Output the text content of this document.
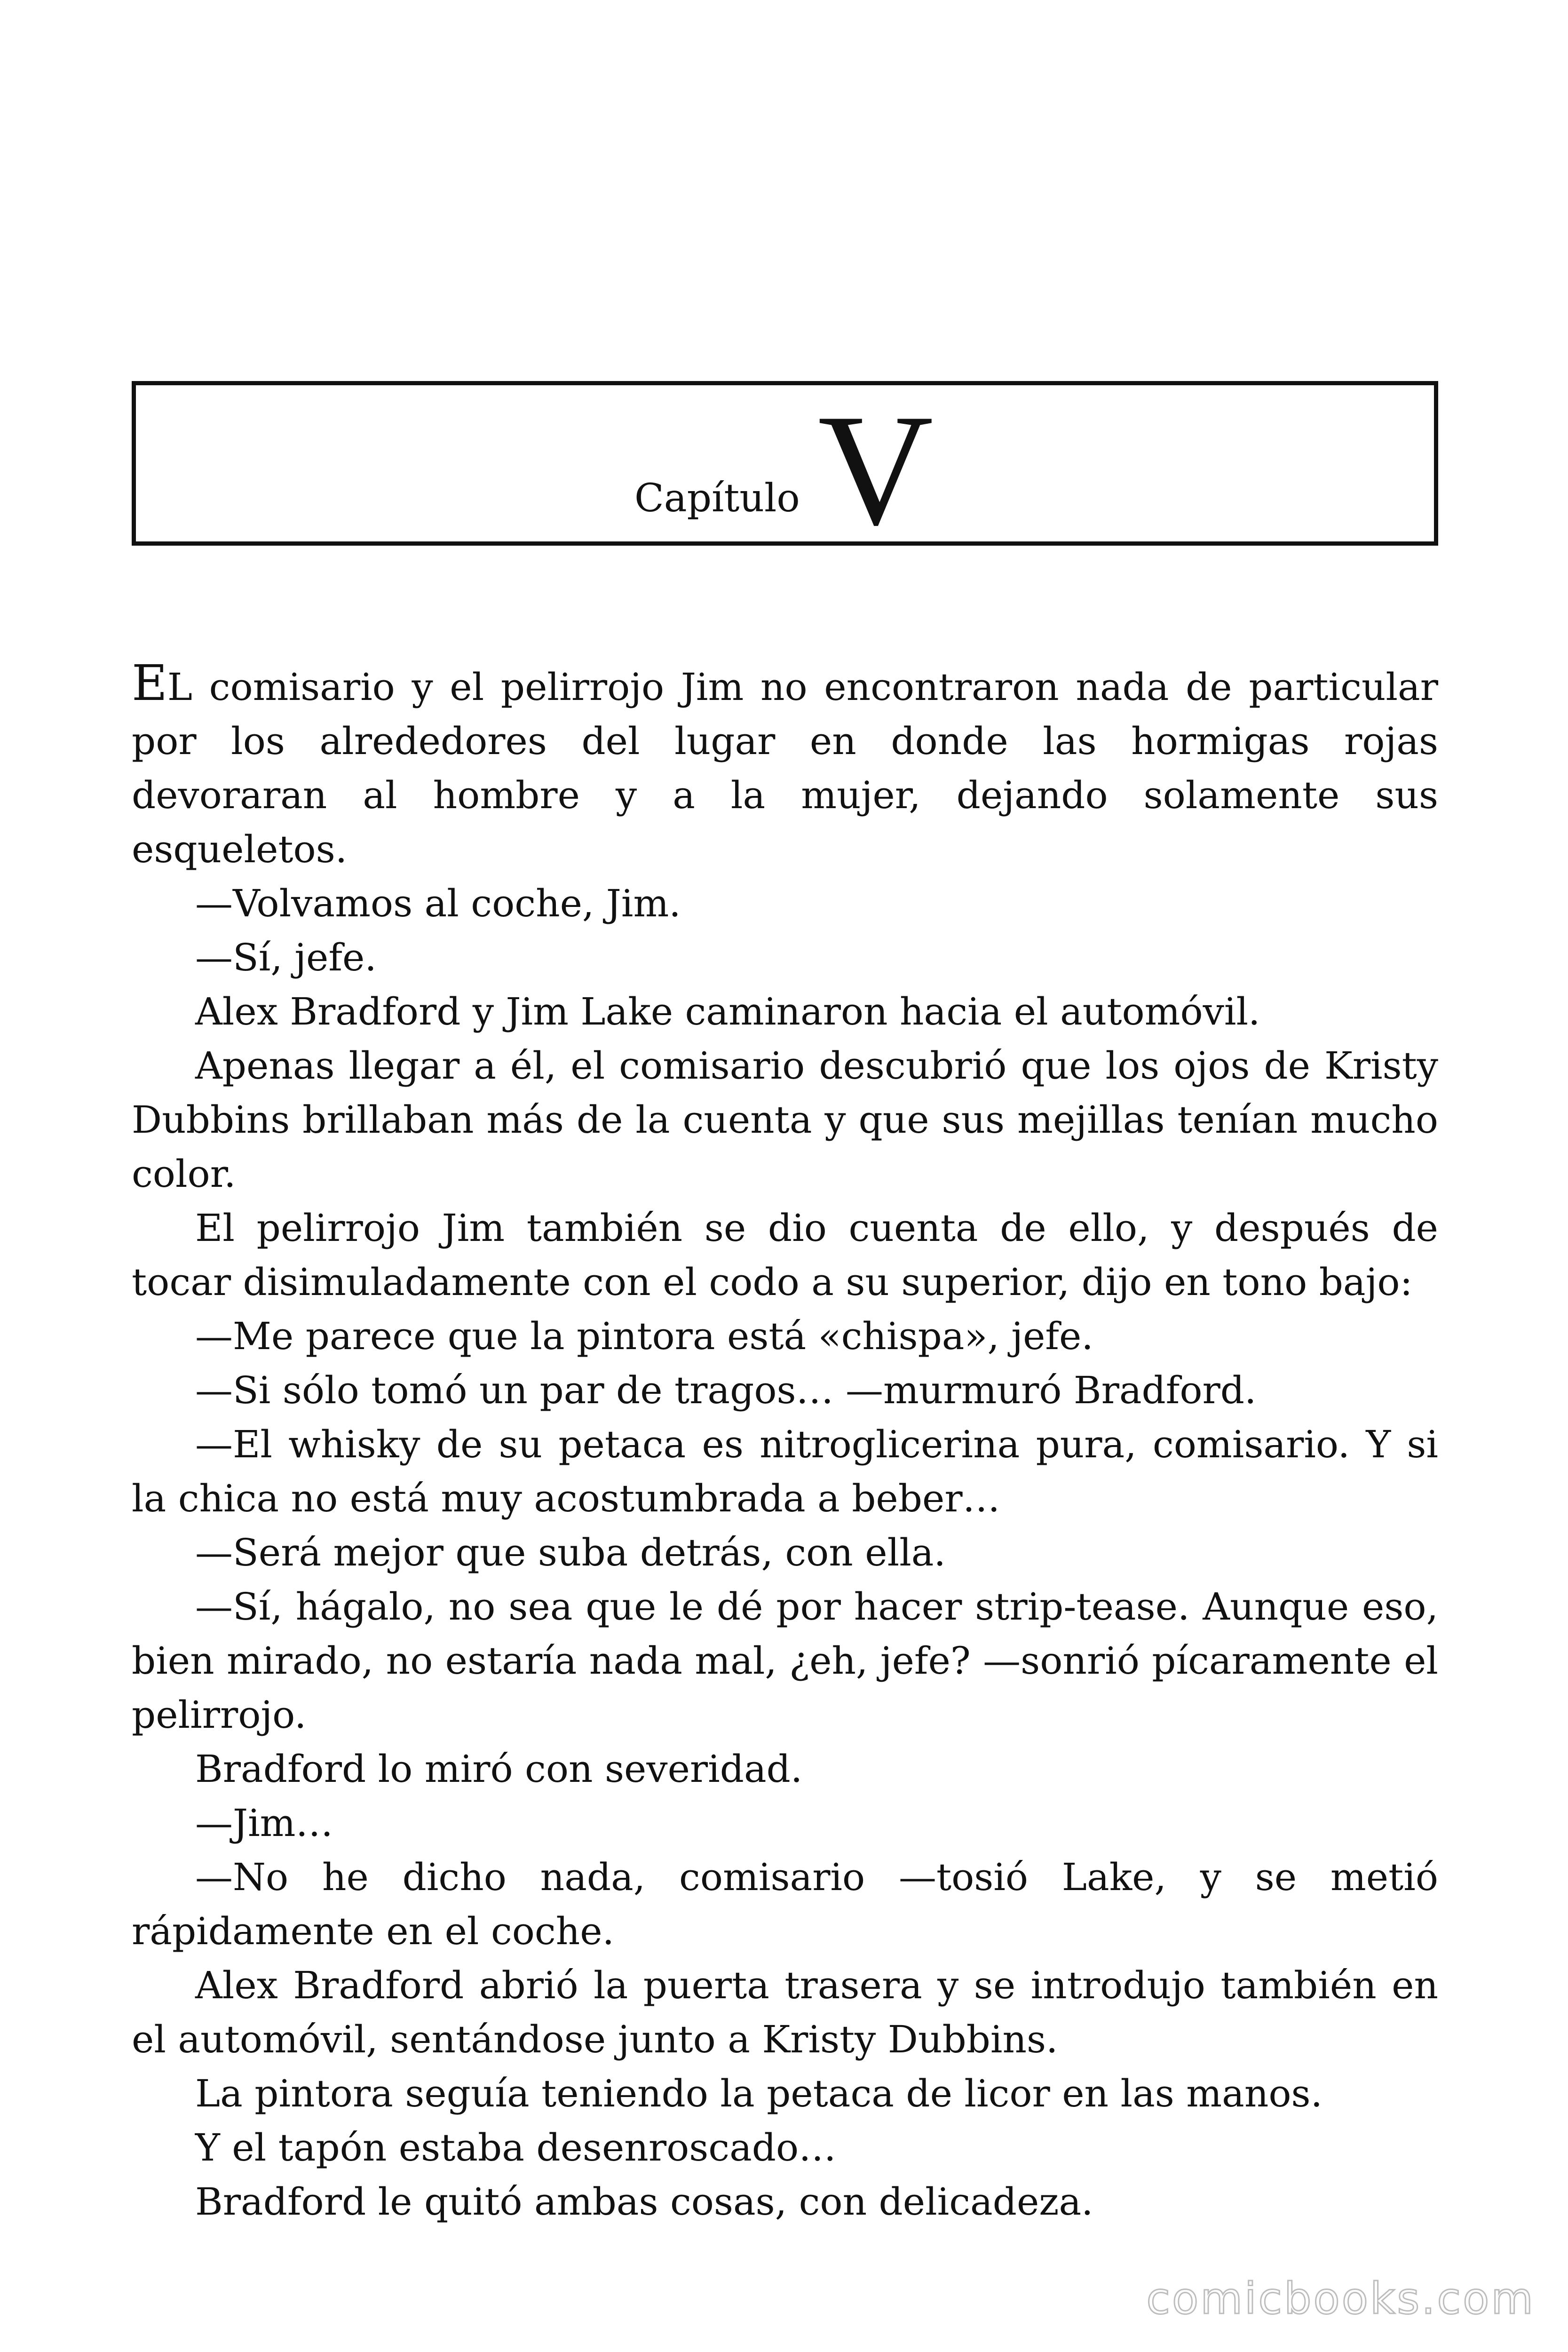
Capítulo V

EL comisario y el pelirrojo Jim no encontraron nada de particular por los alrededores del lugar en donde las hormigas rojas devoraran al hombre y a la mujer, dejando solamente sus esqueletos.

—Volvamos al coche, Jim.

—Sí, jefe.

Alex Bradford y Jim Lake caminaron hacia el automóvil.

Apenas llegar a él, el comisario descubrió que los ojos de Kristy Dubbins brillaban más de la cuenta y que sus mejillas tenían mucho color.

El pelirrojo Jim también se dio cuenta de ello, y después de tocar disimuladamente con el codo a su superior, dijo en tono bajo:

—Me parece que la pintora está «chispa», jefe.

—Si sólo tomó un par de tragos… —murmuró Bradford.

—El whisky de su petaca es nitroglicerina pura, comisario. Y si la chica no está muy acostumbrada a beber…

—Será mejor que suba detrás, con ella.

—Sí, hágalo, no sea que le dé por hacer strip-tease. Aunque eso, bien mirado, no estaría nada mal, ¿eh, jefe? —sonrió pícaramente el pelirrojo.

Bradford lo miró con severidad.

—Jim…

—No he dicho nada, comisario —tosió Lake, y se metió rápidamente en el coche.

Alex Bradford abrió la puerta trasera y se introdujo también en el automóvil, sentándose junto a Kristy Dubbins.

La pintora seguía teniendo la petaca de licor en las manos.

Y el tapón estaba desenroscado…

Bradford le quitó ambas cosas, con delicadeza.

comicbooks.com
